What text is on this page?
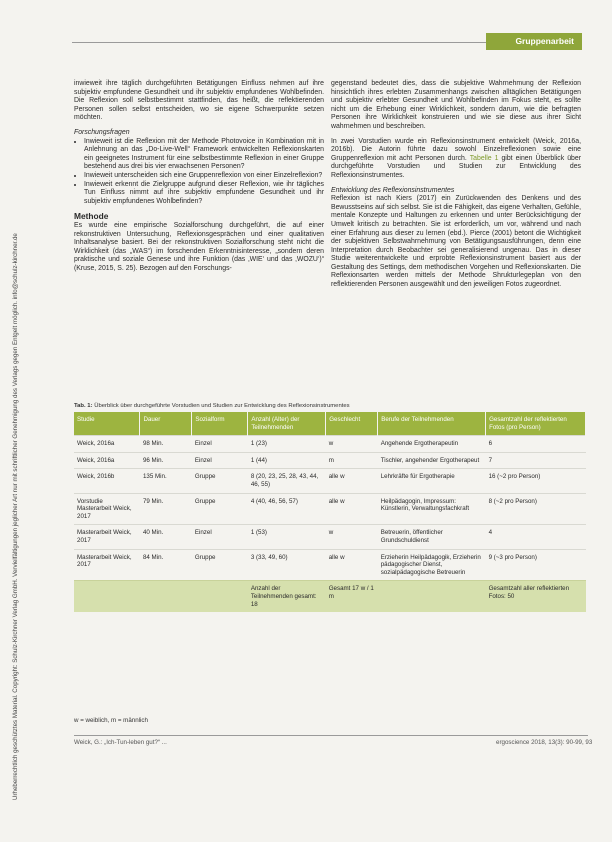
Urheberrechtlich geschütztes Material. Copyright: Schulz-Kirchner Verlag GmbH. Vervielfältigungen jeglicher Art nur mit schriftlicher Genehmigung des Verlags gegen Entgelt möglich. info@schulz-kirchner.de
Gruppenarbeit

inwieweit ihre täglich durchgeführten Betätigungen Einfluss nehmen auf ihre subjektiv empfundene Gesundheit und ihr subjektiv empfundenes Wohlbefinden. Die Reflexion soll selbstbestimmt stattfinden, das heißt, die reflektierenden Personen sollen selbst entscheiden, wo sie eigene Schwerpunkte setzen möchten.

Forschungsfragen

• Inwieweit ist die Reflexion mit der Methode Photovoice in Kombination mit in Anlehnung an das „Do-Live-Well“ Framework entwickelten Reflexionskarten ein geeignetes Instrument für eine selbstbestimmte Reflexion in einer Gruppe bestehend aus drei bis vier erwachsenen Personen?
• Inwieweit unterscheiden sich eine Gruppenreflexion von einer Einzelreflexion?
• Inwieweit erkennt die Zielgruppe aufgrund dieser Reflexion, wie ihr tägliches Tun Einfluss nimmt auf ihre subjektiv empfundene Gesundheit und ihr subjektiv empfundenes Wohlbefinden?

Methode

Es wurde eine empirische Sozialforschung durchgeführt, die auf einer rekonstruktiven Untersuchung, Reflexionsgesprächen und einer qualitativen Inhaltsanalyse basiert. Bei der rekonstruktiven Sozialforschung steht nicht die Wirklichkeit (das „WAS“) im forschenden Erkenntnisinteresse, „sondern deren praktische und soziale Genese und ihre Funktion (das ‚WIE‘ und das ‚WOZU‘)“ (Kruse, 2015, S. 25). Bezogen auf den Forschungs-

gegenstand bedeutet dies, dass die subjektive Wahrnehmung der Reflexion hinsichtlich ihres erlebten Zusammenhangs zwischen alltäglichen Betätigungen und subjektiv erlebter Gesundheit und Wohlbefinden im Fokus steht, es sollte nicht um die Erhebung einer Wirklichkeit, sondern darum, wie die befragten Personen ihre Wirklichkeit konstruieren und wie sie diese aus ihrer Sicht wahrnehmen und beschreiben.

In zwei Vorstudien wurde ein Reflexionsinstrument entwickelt (Weick, 2016a, 2016b). Die Autorin führte dazu sowohl Einzelreflexionen sowie eine Gruppenreflexion mit acht Personen durch. Tabelle 1 gibt einen Überblick über durchgeführte Vorstudien und Studien zur Entwicklung des Reflexionsinstrumentes.

Entwicklung des Reflexionsinstrumentes

Reflexion ist nach Kiers (2017) ein Zurückwenden des Denkens und des Bewusstseins auf sich selbst. Sie ist die Fähigkeit, das eigene Verhalten, Gefühle, mentale Konzepte und Haltungen zu erkennen und unter Berücksichtigung der Umwelt kritisch zu betrachten. Sie ist erforderlich, um vor, während und nach einer Erfahrung aus dieser zu lernen (ebd.). Pierce (2001) betont die Wichtigkeit der subjektiven Selbstwahrnehmung von Betätigungsausführungen, denn eine Interpretation durch Beobachter sei generalisierend ungenau. Das in dieser Studie weiterentwickelte und erprobte Reflexionsinstrument basiert aus der Gestaltung des Settings, dem methodischen Vorgehen und Reflexionskarten. Die Reflexionsarten werden mittels der Methode Shrukturlegeplan von den reflektierenden Personen ausgewählt und den jeweiligen Fotos zugeordnet.

Tab. 1: Überblick über durchgeführte Vorstudien und Studien zur Entwicklung des Reflexionsinstrumentes
Studie	Dauer	Sozialform	Anzahl (Alter) der Teilnehmenden	Geschlecht	Berufe der Teilnehmenden	Gesamtzahl der reflektierten Fotos (pro Person)
Weick, 2016a	98 Min.	Einzel	1 (23)	w	Angehende Ergotherapeutin	6
Weick, 2016a	96 Min.	Einzel	1 (44)	m	Tischler, angehender Ergotherapeut	7
Weick, 2016b	135 Min.	Gruppe	8 (20, 23, 25, 28, 43, 44, 46, 55)	alle w	Lehrkräfte für Ergotherapie	16 (~2 pro Person)
Vorstudie Masterarbeit Weick, 2017	79 Min.	Gruppe	4 (40, 46, 56, 57)	alle w	Heilpädagogin, Impressum: Künstlerin, Verwaltungsfachkraft	8 (~2 pro Person)
Masterarbeit Weick, 2017	40 Min.	Einzel	1 (53)	w	Betreuerin, öffentlicher Grundschuldienst	4
Masterarbeit Weick, 2017	84 Min.	Gruppe	3 (33, 49, 60)	alle w	Erzieherin Heilpädagogik, Erzieherin pädagogischer Dienst, sozialpädagogische Betreuerin	9 (~3 pro Person)
			Anzahl der Teilnehmenden gesamt: 18	Gesamt 17 w / 1 m		Gesamtzahl aller reflektierten Fotos: 50
w = weiblich, m = männlich
Weick, G.: „Ich-Tun-leben gut?“ ...	ergoscience 2018, 13(3): 90-99, 93
